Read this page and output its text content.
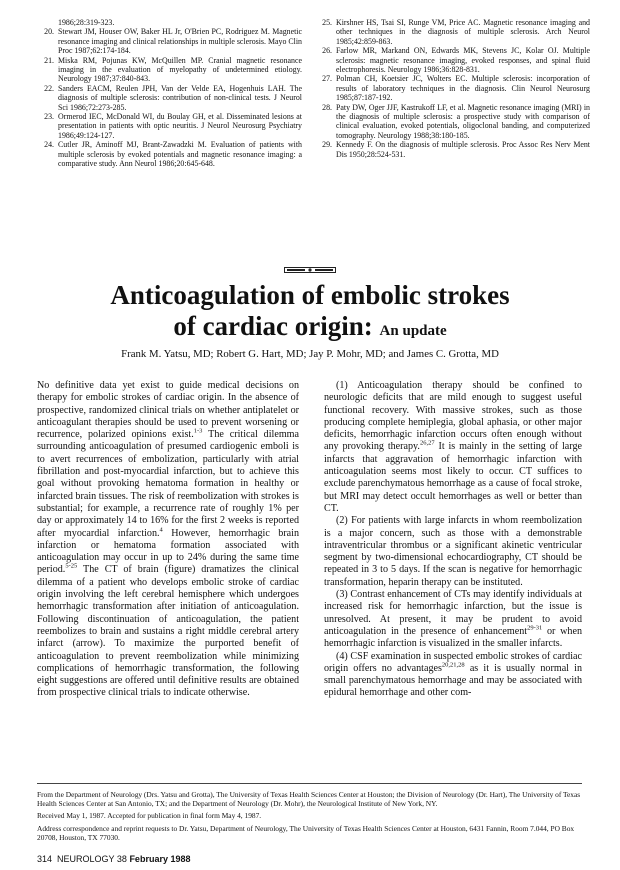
1986;28:319-323.
20. Stewart JM, Houser OW, Baker HL Jr, O'Brien PC, Rodriguez M. Magnetic resonance imaging and clinical relationships in multiple sclerosis. Mayo Clin Proc 1987;62:174-184.
21. Miska RM, Pojunas KW, McQuillen MP. Cranial magnetic resonance imaging in the evaluation of myelopathy of undetermined etiology. Neurology 1987;37:840-843.
22. Sanders EACM, Reulen JPH, Van der Velde EA, Hogenhuis LAH. The diagnosis of multiple sclerosis: contribution of non-clinical tests. J Neurol Sci 1986;72:273-285.
23. Ormerod IEC, McDonald WI, du Boulay GH, et al. Disseminated lesions at presentation in patients with optic neuritis. J Neurol Neurosurg Psychiatry 1986;49:124-127.
24. Cutler JR, Aminoff MJ, Brant-Zawadzki M. Evaluation of patients with multiple sclerosis by evoked potentials and magnetic resonance imaging: a comparative study. Ann Neurol 1986;20:645-648.
25. Kirshner HS, Tsai SI, Runge VM, Price AC. Magnetic resonance imaging and other techniques in the diagnosis of multiple sclerosis. Arch Neurol 1985;42:859-863.
26. Farlow MR, Markand ON, Edwards MK, Stevens JC, Kolar OJ. Multiple sclerosis: magnetic resonance imaging, evoked responses, and spinal fluid electrophoresis. Neurology 1986;36:828-831.
27. Polman CH, Koetsier JC, Wolters EC. Multiple sclerosis: incorporation of results of laboratory techniques in the diagnosis. Clin Neurol Neurosurg 1985;87:187-192.
28. Paty DW, Oger JJF, Kastrukoff LF, et al. Magnetic resonance imaging (MRI) in the diagnosis of multiple sclerosis: a prospective study with comparison of clinical evaluation, evoked potentials, oligoclonal banding, and computerized tomography. Neurology 1988;38:180-185.
29. Kennedy F. On the diagnosis of multiple sclerosis. Proc Assoc Res Nerv Ment Dis 1950;28:524-531.
Anticoagulation of embolic strokes
of cardiac origin: An update
Frank M. Yatsu, MD; Robert G. Hart, MD; Jay P. Mohr, MD; and James C. Grotta, MD

No definitive data yet exist to guide medical decisions on therapy for embolic strokes of cardiac origin. In the absence of prospective, randomized clinical trials on whether antiplatelet or anticoagulant therapies should be used to prevent worsening or recurrence, polarized opinions exist.$^{1-3}$ The critical dilemma surrounding anticoagulation of presumed cardiogenic emboli is to avert recurrences of embolization, particularly with atrial fibrillation and post-myocardial infarction, but to achieve this goal without provoking hematoma formation in healthy or infarcted brain tissues. The risk of reembolization with strokes is substantial; for example, a recurrence rate of roughly 1% per day or approximately 14 to 16% for the first 2 weeks is reported after myocardial infarction.$^4$ However, hemorrhagic brain infarction or hematoma formation associated with anticoagulation may occur in up to 24% during the same time period.$^{5-25}$ The CT of brain (figure) dramatizes the clinical dilemma of a patient who develops embolic stroke of cardiac origin involving the left cerebral hemisphere which undergoes hemorrhagic transformation after initiation of anticoagulation. Following discontinuation of anticoagulation, the patient reembolizes to brain and sustains a right middle cerebral artery infarct (arrow). To maximize the purported benefit of anticoagulation to prevent reembolization while minimizing complications of hemorrhagic transformation, the following eight suggestions are offered until definitive results are obtained from prospective clinical trials to indicate otherwise.

(1) Anticoagulation therapy should be confined to neurologic deficits that are mild enough to suggest useful functional recovery. With massive strokes, such as those producing complete hemiplegia, global aphasia, or other major deficits, hemorrhagic infarction occurs often enough without any provoking therapy.$^{26,27}$ It is mainly in the setting of large infarcts that aggravation of hemorrhagic infarction with anticoagulation seems most likely to occur. CT suffices to exclude parenchymatous hemorrhage as a cause of focal stroke, but MRI may detect occult hemorrhages as well or better than CT.

(2) For patients with large infarcts in whom reembolization is a major concern, such as those with a demonstrable intraventricular thrombus or a significant akinetic ventricular segment by two-dimensional echocardiography, CT should be repeated in 3 to 5 days. If the scan is negative for hemorrhagic transformation, heparin therapy can be instituted.

(3) Contrast enhancement of CTs may identify individuals at increased risk for hemorrhagic infarction, but the issue is unresolved. At present, it may be prudent to avoid anticoagulation in the presence of enhancement$^{29-31}$ or when hemorrhagic infarction is visualized in the smaller infarcts.

(4) CSF examination in suspected embolic strokes of cardiac origin offers no advantages$^{20,21,28}$ as it is usually normal in small parenchymatous hemorrhage and may be associated with epidural hemorrhage and other com-

From the Department of Neurology (Drs. Yatsu and Grotta), The University of Texas Health Sciences Center at Houston; the Division of Neurology (Dr. Hart), The University of Texas Health Sciences Center at San Antonio, TX; and the Department of Neurology (Dr. Mohr), the Neurological Institute of New York, NY.
Received May 1, 1987. Accepted for publication in final form May 4, 1987.
Address correspondence and reprint requests to Dr. Yatsu, Department of Neurology, The University of Texas Health Sciences Center at Houston, 6431 Fannin, Room 7.044, PO Box 20708, Houston, TX 77030.
314 NEUROLOGY 38 February 1988
